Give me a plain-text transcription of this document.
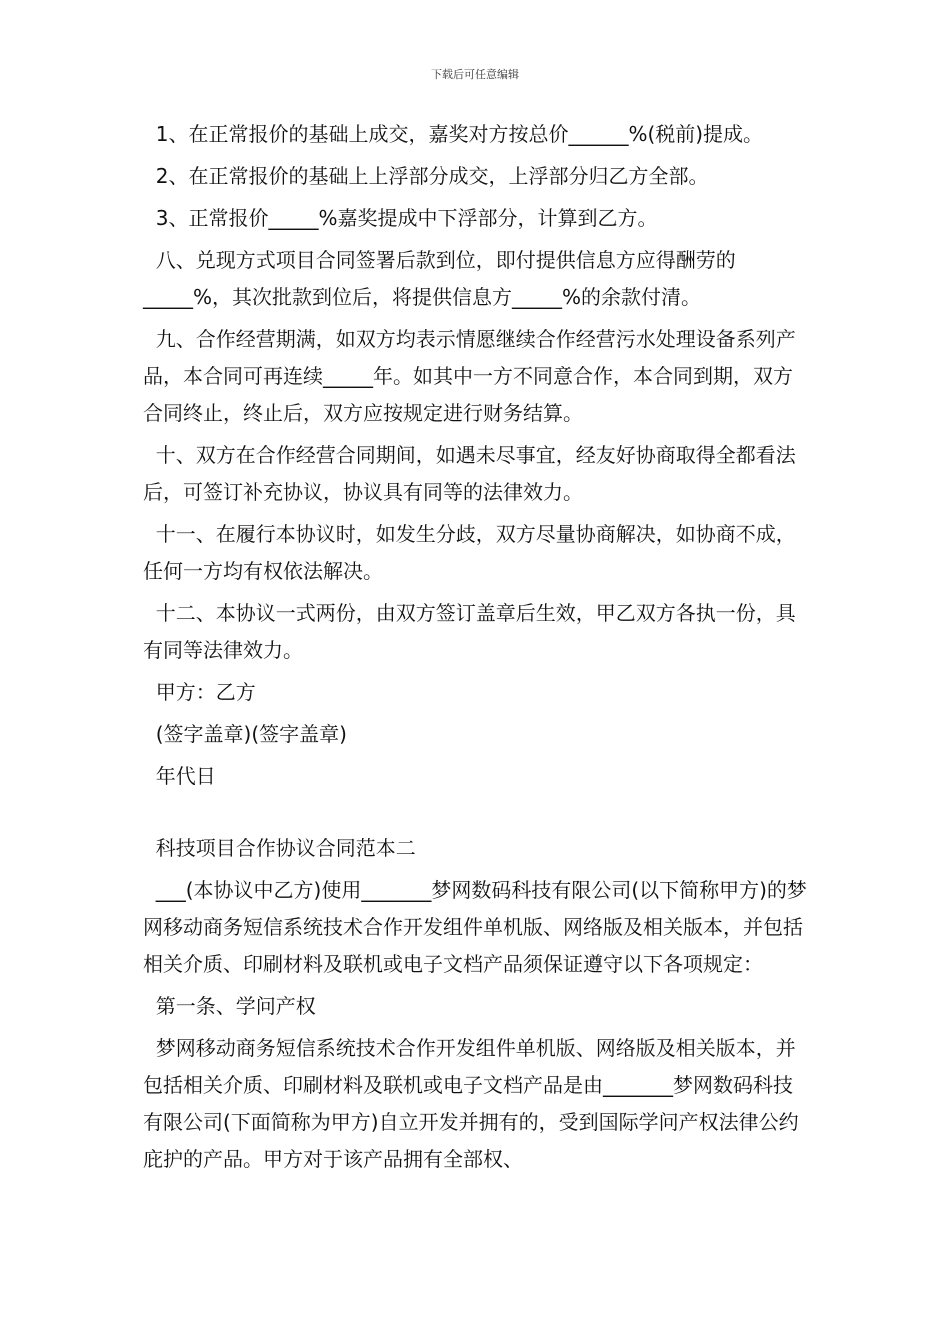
下载后可任意编辑

1、在正常报价的基础上成交，嘉奖对方按总价______%(税前)提成。

2、在正常报价的基础上上浮部分成交，上浮部分归乙方全部。

3、正常报价_____%嘉奖提成中下浮部分，计算到乙方。

八、兑现方式项目合同签署后款到位，即付提供信息方应得酬劳的_____%，其次批款到位后，将提供信息方_____%的余款付清。

九、合作经营期满，如双方均表示情愿继续合作经营污水处理设备系列产品，本合同可再连续_____年。如其中一方不同意合作，本合同到期，双方合同终止，终止后，双方应按规定进行财务结算。

十、双方在合作经营合同期间，如遇未尽事宜，经友好协商取得全都看法后，可签订补充协议，协议具有同等的法律效力。

十一、在履行本协议时，如发生分歧，双方尽量协商解决，如协商不成，任何一方均有权依法解决。

十二、本协议一式两份，由双方签订盖章后生效，甲乙双方各执一份，具有同等法律效力。

甲方：乙方

(签字盖章)(签字盖章)

年代日

科技项目合作协议合同范本二

___(本协议中乙方)使用_______梦网数码科技有限公司(以下简称甲方)的梦网移动商务短信系统技术合作开发组件单机版、网络版及相关版本，并包括相关介质、印刷材料及联机或电子文档产品须保证遵守以下各项规定：

第一条、学问产权

梦网移动商务短信系统技术合作开发组件单机版、网络版及相关版本，并包括相关介质、印刷材料及联机或电子文档产品是由_______梦网数码科技有限公司(下面简称为甲方)自立开发并拥有的，受到国际学问产权法律公约庇护的产品。甲方对于该产品拥有全部权、
